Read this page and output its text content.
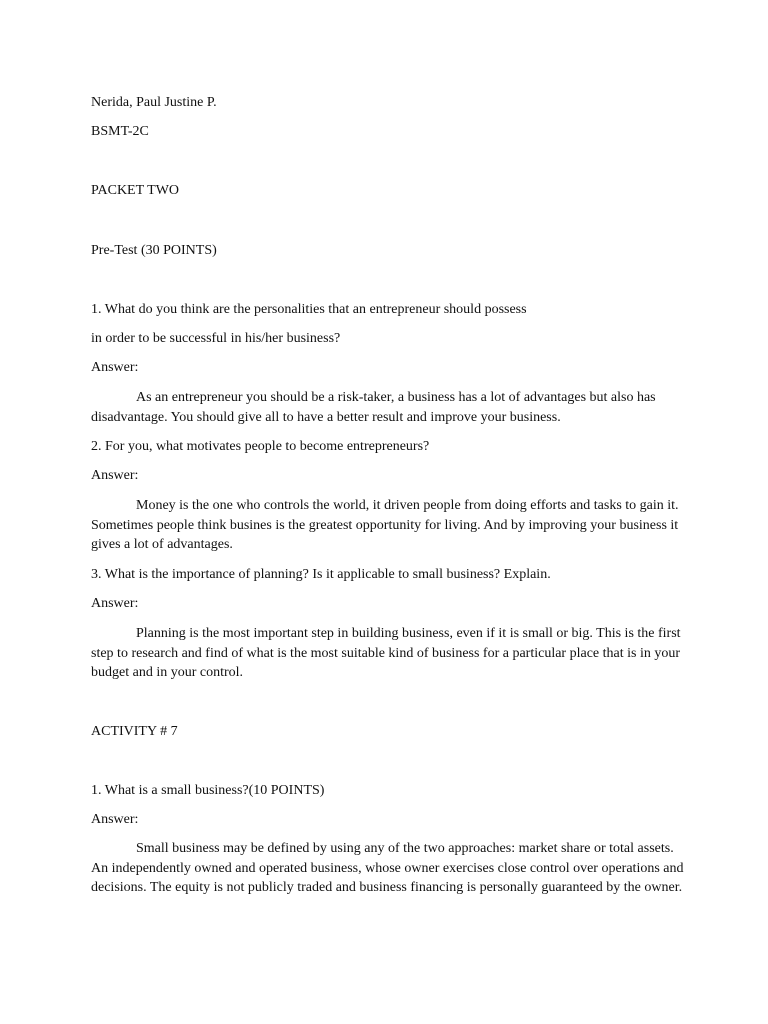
Nerida, Paul Justine P.
BSMT-2C
PACKET TWO
Pre-Test (30 POINTS)
1. What do you think are the personalities that an entrepreneur should possess
in order to be successful in his/her business?
Answer:
As an entrepreneur you should be a risk-taker, a business has a lot of advantages but also has disadvantage. You should give all to have a better result and improve your business.
2. For you, what motivates people to become entrepreneurs?
Answer:
Money is the one who controls the world, it driven people from doing efforts and tasks to gain it. Sometimes people think busines is the greatest opportunity for living. And by improving your business it gives a lot of advantages.
3. What is the importance of planning? Is it applicable to small business? Explain.
Answer:
Planning is the most important step in building business, even if it is small or big. This is the first step to research and find of what is the most suitable kind of business for a particular place that is in your budget and in your control.
ACTIVITY # 7
1. What is a small business?(10 POINTS)
Answer:
Small business may be defined by using any of the two approaches: market share or total assets. An independently owned and operated business, whose owner exercises close control over operations and decisions. The equity is not publicly traded and business financing is personally guaranteed by the owner.
